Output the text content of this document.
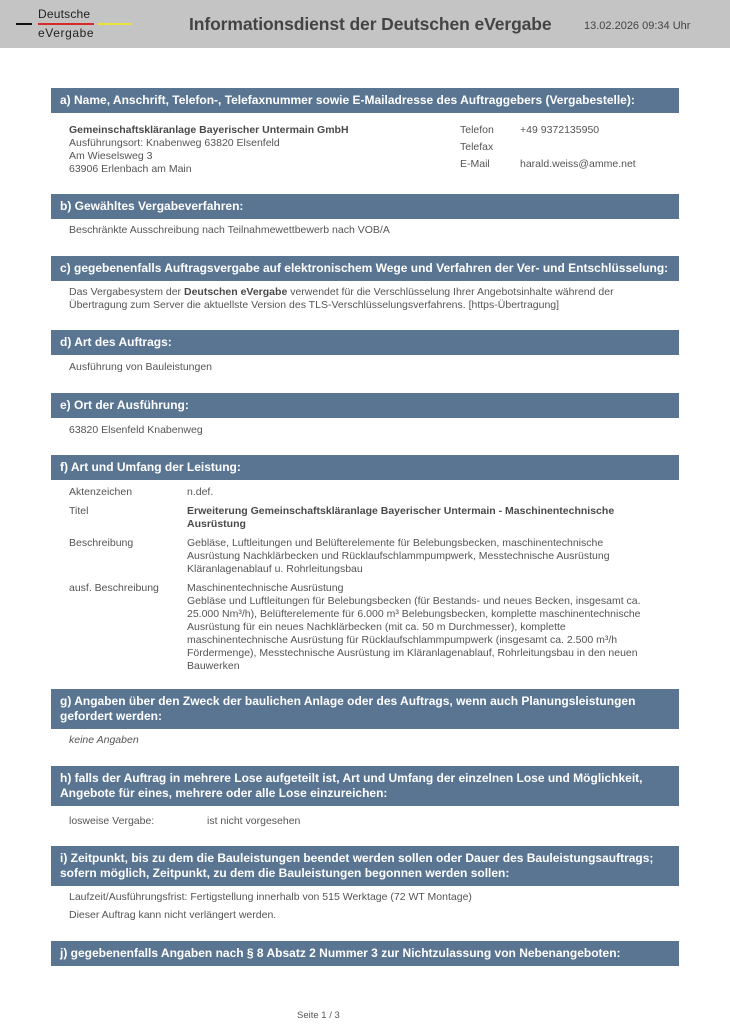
Deutsche
eVergabe	Informationsdienst der Deutschen eVergabe	13.02.2026 09:34 Uhr
a) Name, Anschrift, Telefon-, Telefaxnummer sowie E-Mailadresse des Auftraggebers (Vergabestelle):
Gemeinschaftskläranlage Bayerischer Untermain GmbH
Ausführungsort: Knabenweg 63820 Elsenfeld
Am Wieselsweg 3
63906 Erlenbach am Main
Telefon +49 9372135950
Telefax
E-Mail	harald.weiss@amme.net
b) Gewähltes Vergabeverfahren:
Beschränkte Ausschreibung nach Teilnahmewettbewerb nach VOB/A
c) gegebenenfalls Auftragsvergabe auf elektronischem Wege und Verfahren der Ver- und Entschlüsselung:
Das Vergabesystem der Deutschen eVergabe verwendet für die Verschlüsselung Ihrer Angebotsinhalte während der
Übertragung zum Server die aktuellste Version des TLS-Verschlüsselungsverfahrens. [https-Übertragung]
d) Art des Auftrags:
Ausführung von Bauleistungen
e) Ort der Ausführung:
63820 Elsenfeld Knabenweg
f) Art und Umfang der Leistung:
Aktenzeichen	n.def.
Titel	Erweiterung Gemeinschaftskläranlage Bayerischer Untermain - Maschinentechnische
Ausrüstung
Beschreibung	Gebläse, Luftleitungen und Belüfterelemente für Belebungsbecken, maschinentechnische
Ausrüstung Nachklärbecken und Rücklaufschlammpumpwerk, Messtechnische Ausrüstung
Kläranlagenablauf u. Rohrleitungsbau
ausf. Beschreibung	Maschinentechnische Ausrüstung
Gebläse und Luftleitungen für Belebungsbecken (für Bestands- und neues Becken, insgesamt ca.
25.000 Nm³/h), Belüfterelemente für 6.000 m³ Belebungsbecken, komplette maschinentechnische
Ausrüstung für ein neues Nachklärbecken (mit ca. 50 m Durchmesser), komplette
maschinentechnische Ausrüstung für Rücklaufschlammpumpwerk (insgesamt ca. 2.500 m³/h
Fördermenge), Messtechnische Ausrüstung im Kläranlagenablauf, Rohrleitungsbau in den neuen
Bauwerken
g) Angaben über den Zweck der baulichen Anlage oder des Auftrags, wenn auch Planungsleistungen
gefordert werden:
keine Angaben
h) falls der Auftrag in mehrere Lose aufgeteilt ist, Art und Umfang der einzelnen Lose und Möglichkeit,
Angebote für eines, mehrere oder alle Lose einzureichen:
losweise Vergabe:	ist nicht vorgesehen
i) Zeitpunkt, bis zu dem die Bauleistungen beendet werden sollen oder Dauer des Bauleistungsauftrags;
sofern möglich, Zeitpunkt, zu dem die Bauleistungen begonnen werden sollen:
Laufzeit/Ausführungsfrist: Fertigstellung innerhalb von 515 Werktage (72 WT Montage)
Dieser Auftrag kann nicht verlängert werden.
j) gegebenenfalls Angaben nach § 8 Absatz 2 Nummer 3 zur Nichtzulassung von Nebenangeboten:
Seite 1 / 3
